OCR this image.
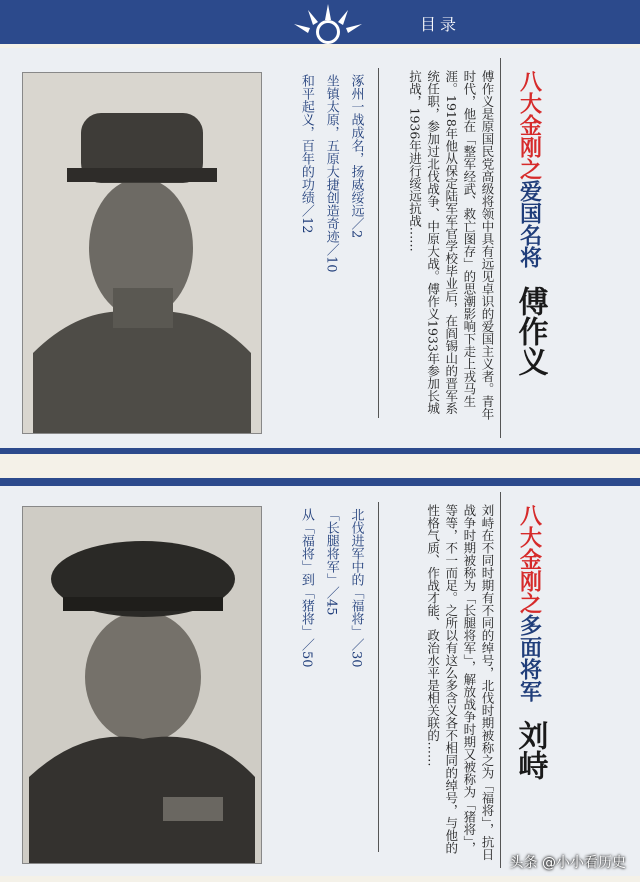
目录
涿州一战成名，扬威绥远／2
坐镇太原，五原大捷创造奇迹／10
和平起义，百年的功绩／12	傅作义是原国民党高级将领中具有远见卓识的爱国主义者。青年时代，他在「整军经武、救亡图存」的思潮影响下走上戎马生涯。1918年他从保定陆军军官学校毕业后，在阎锡山的晋军系统任职，参加过北伐战争、中原大战。傅作义1933年参加长城抗战，1936年进行绥远抗战……	八大金刚之爱国名将 傅作义
北伐进军中的「福将」／30
「长腿将军」／45
从「福将」到「猪将」／50	刘峙在不同时期有不同的绰号，北伐时期被称之为「福将」，抗日战争时期被称为「长腿将军」，解放战争时期又被称为「猪将」，等等，不一而足。之所以有这么多含义各不相同的绰号，与他的性格气质、作战才能、政治水平是相关联的……	八大金刚之多面将军 刘峙
头条 @小小看历史
